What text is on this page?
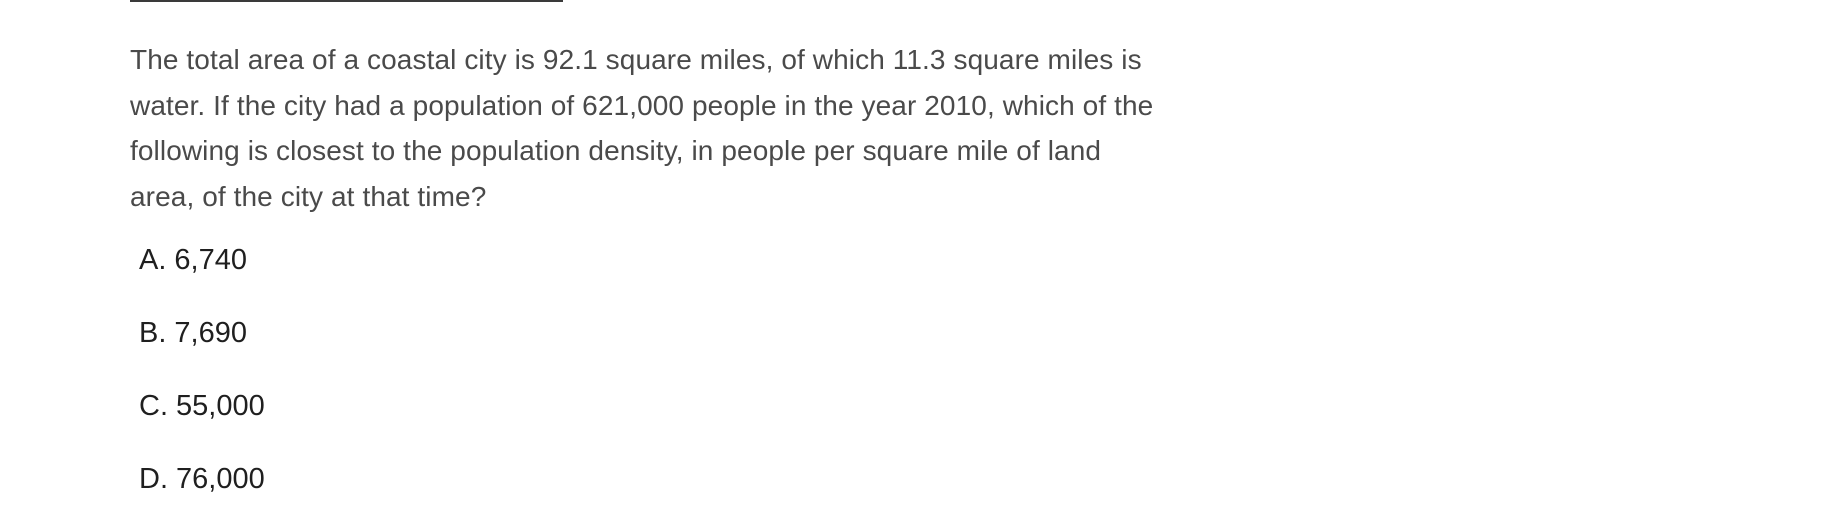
The total area of a coastal city is 92.1 square miles, of which 11.3 square miles is water. If the city had a population of 621,000 people in the year 2010, which of the following is closest to the population density, in people per square mile of land area, of the city at that time?

A. 6,740
B. 7,690
C. 55,000
D. 76,000
